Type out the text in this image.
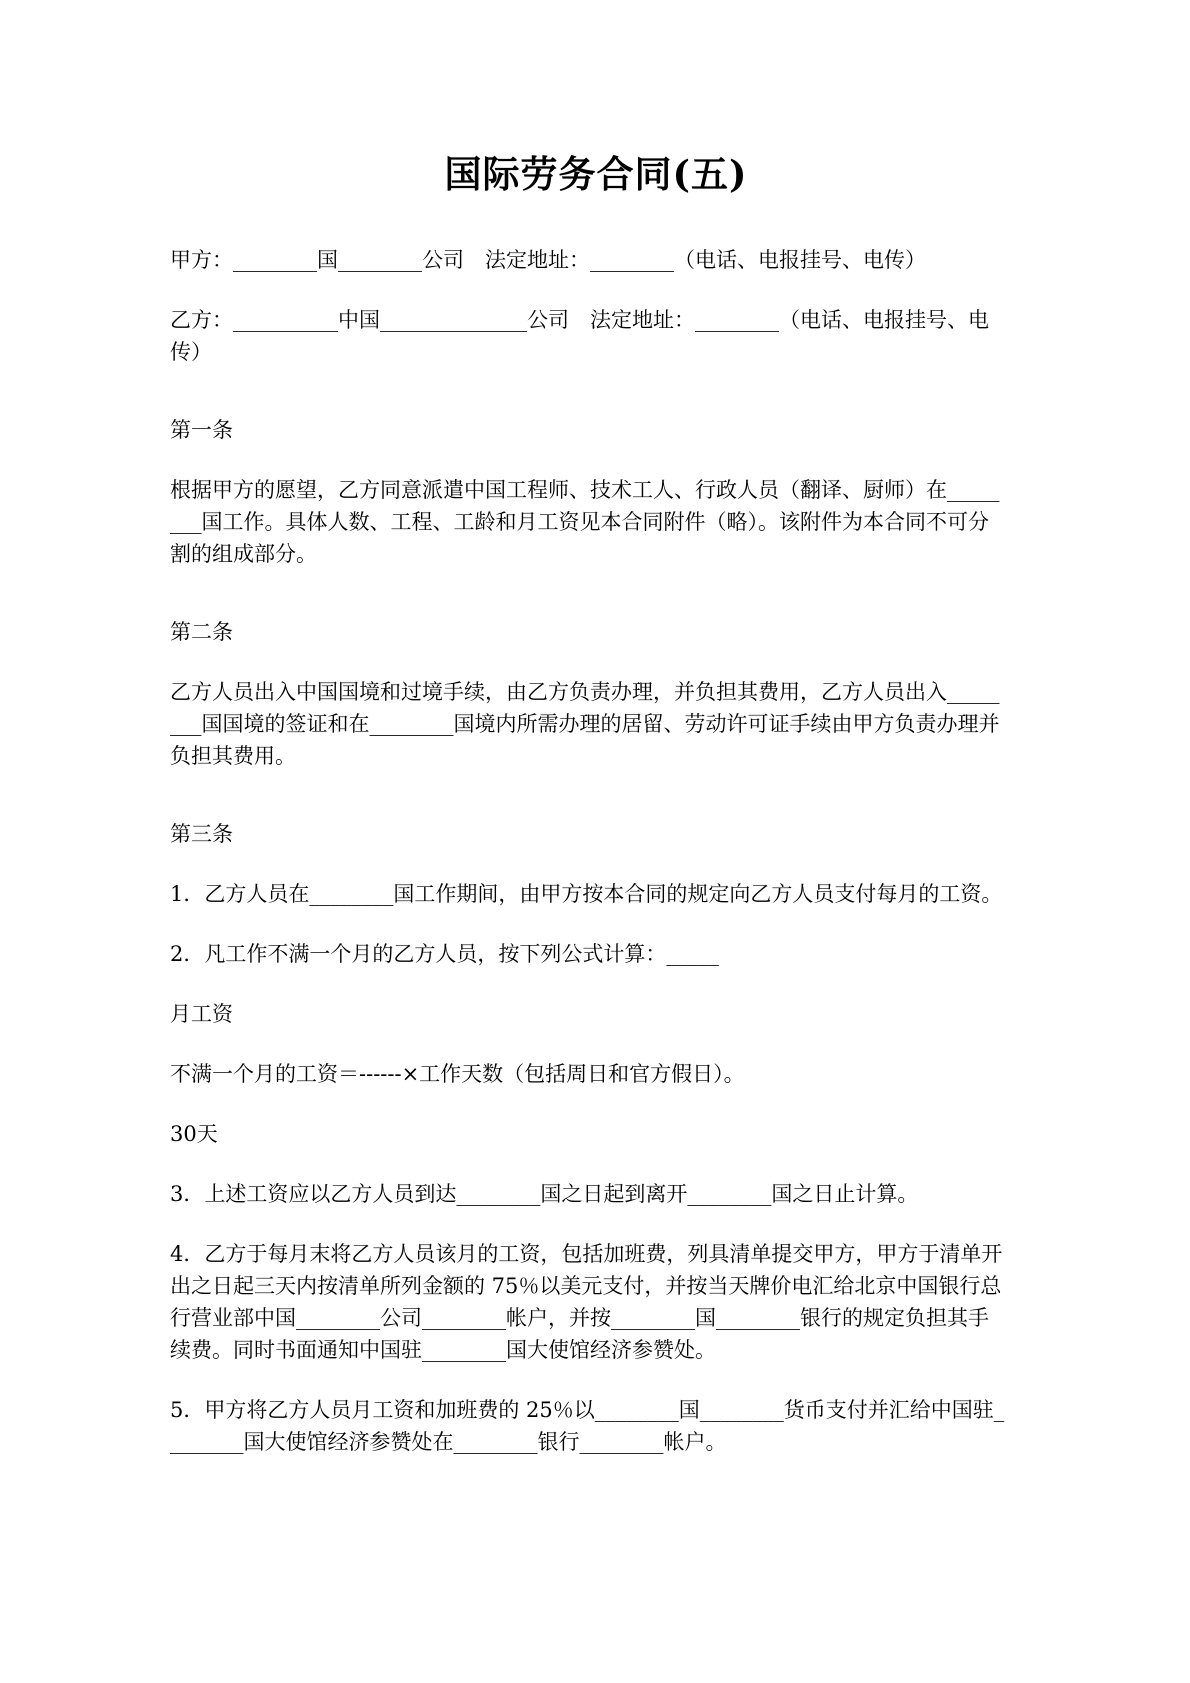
国际劳务合同(五)
甲方：________国________公司　法定地址：________（电话、电报挂号、电传）
乙方：__________中国______________公司　法定地址：________（电话、电报挂号、电
传）
第一条
根据甲方的愿望，乙方同意派遣中国工程师、技术工人、行政人员（翻译、厨师）在_____
___国工作。具体人数、工程、工龄和月工资见本合同附件（略）。该附件为本合同不可分
割的组成部分。
第二条
乙方人员出入中国国境和过境手续，由乙方负责办理，并负担其费用，乙方人员出入_____
___国国境的签证和在________国境内所需办理的居留、劳动许可证手续由甲方负责办理并
负担其费用。
第三条
1．乙方人员在________国工作期间，由甲方按本合同的规定向乙方人员支付每月的工资。
2．凡工作不满一个月的乙方人员，按下列公式计算：_____
月工资
不满一个月的工资＝------×工作天数（包括周日和官方假日）。
30天
3．上述工资应以乙方人员到达________国之日起到离开________国之日止计算。
4．乙方于每月末将乙方人员该月的工资，包括加班费，列具清单提交甲方，甲方于清单开
出之日起三天内按清单所列金额的 75％以美元支付，并按当天牌价电汇给北京中国银行总
行营业部中国________公司________帐户，并按________国________银行的规定负担其手
续费。同时书面通知中国驻________国大使馆经济参赞处。
5．甲方将乙方人员月工资和加班费的 25％以________国________货币支付并汇给中国驻_
_______国大使馆经济参赞处在________银行________帐户。
